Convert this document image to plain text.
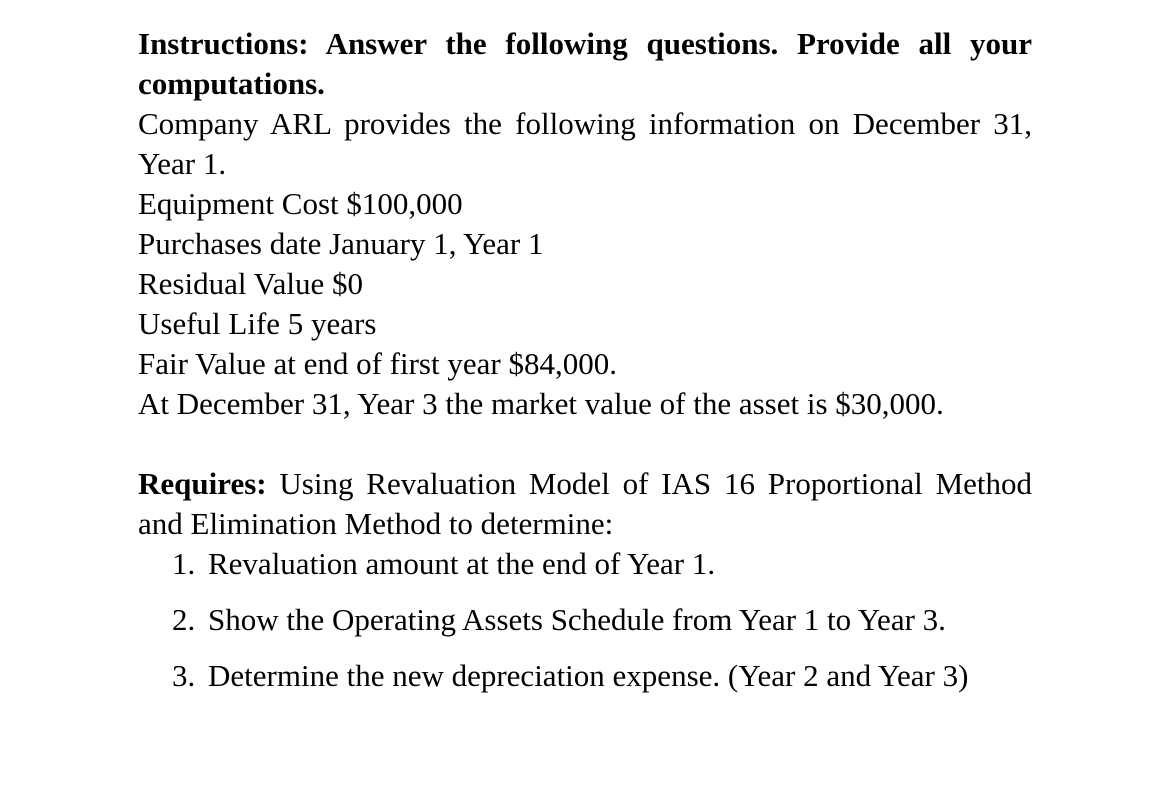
Instructions: Answer the following questions. Provide all your computations.

Company ARL provides the following information on December 31, Year 1.

Equipment Cost $100,000

Purchases date January 1, Year 1

Residual Value $0

Useful Life 5 years

Fair Value at end of first year $84,000.

At December 31, Year 3 the market value of the asset is $30,000.

Requires: Using Revaluation Model of IAS 16 Proportional Method and Elimination Method to determine:

1. Revaluation amount at the end of Year 1.
2. Show the Operating Assets Schedule from Year 1 to Year 3.
3. Determine the new depreciation expense. (Year 2 and Year 3)
